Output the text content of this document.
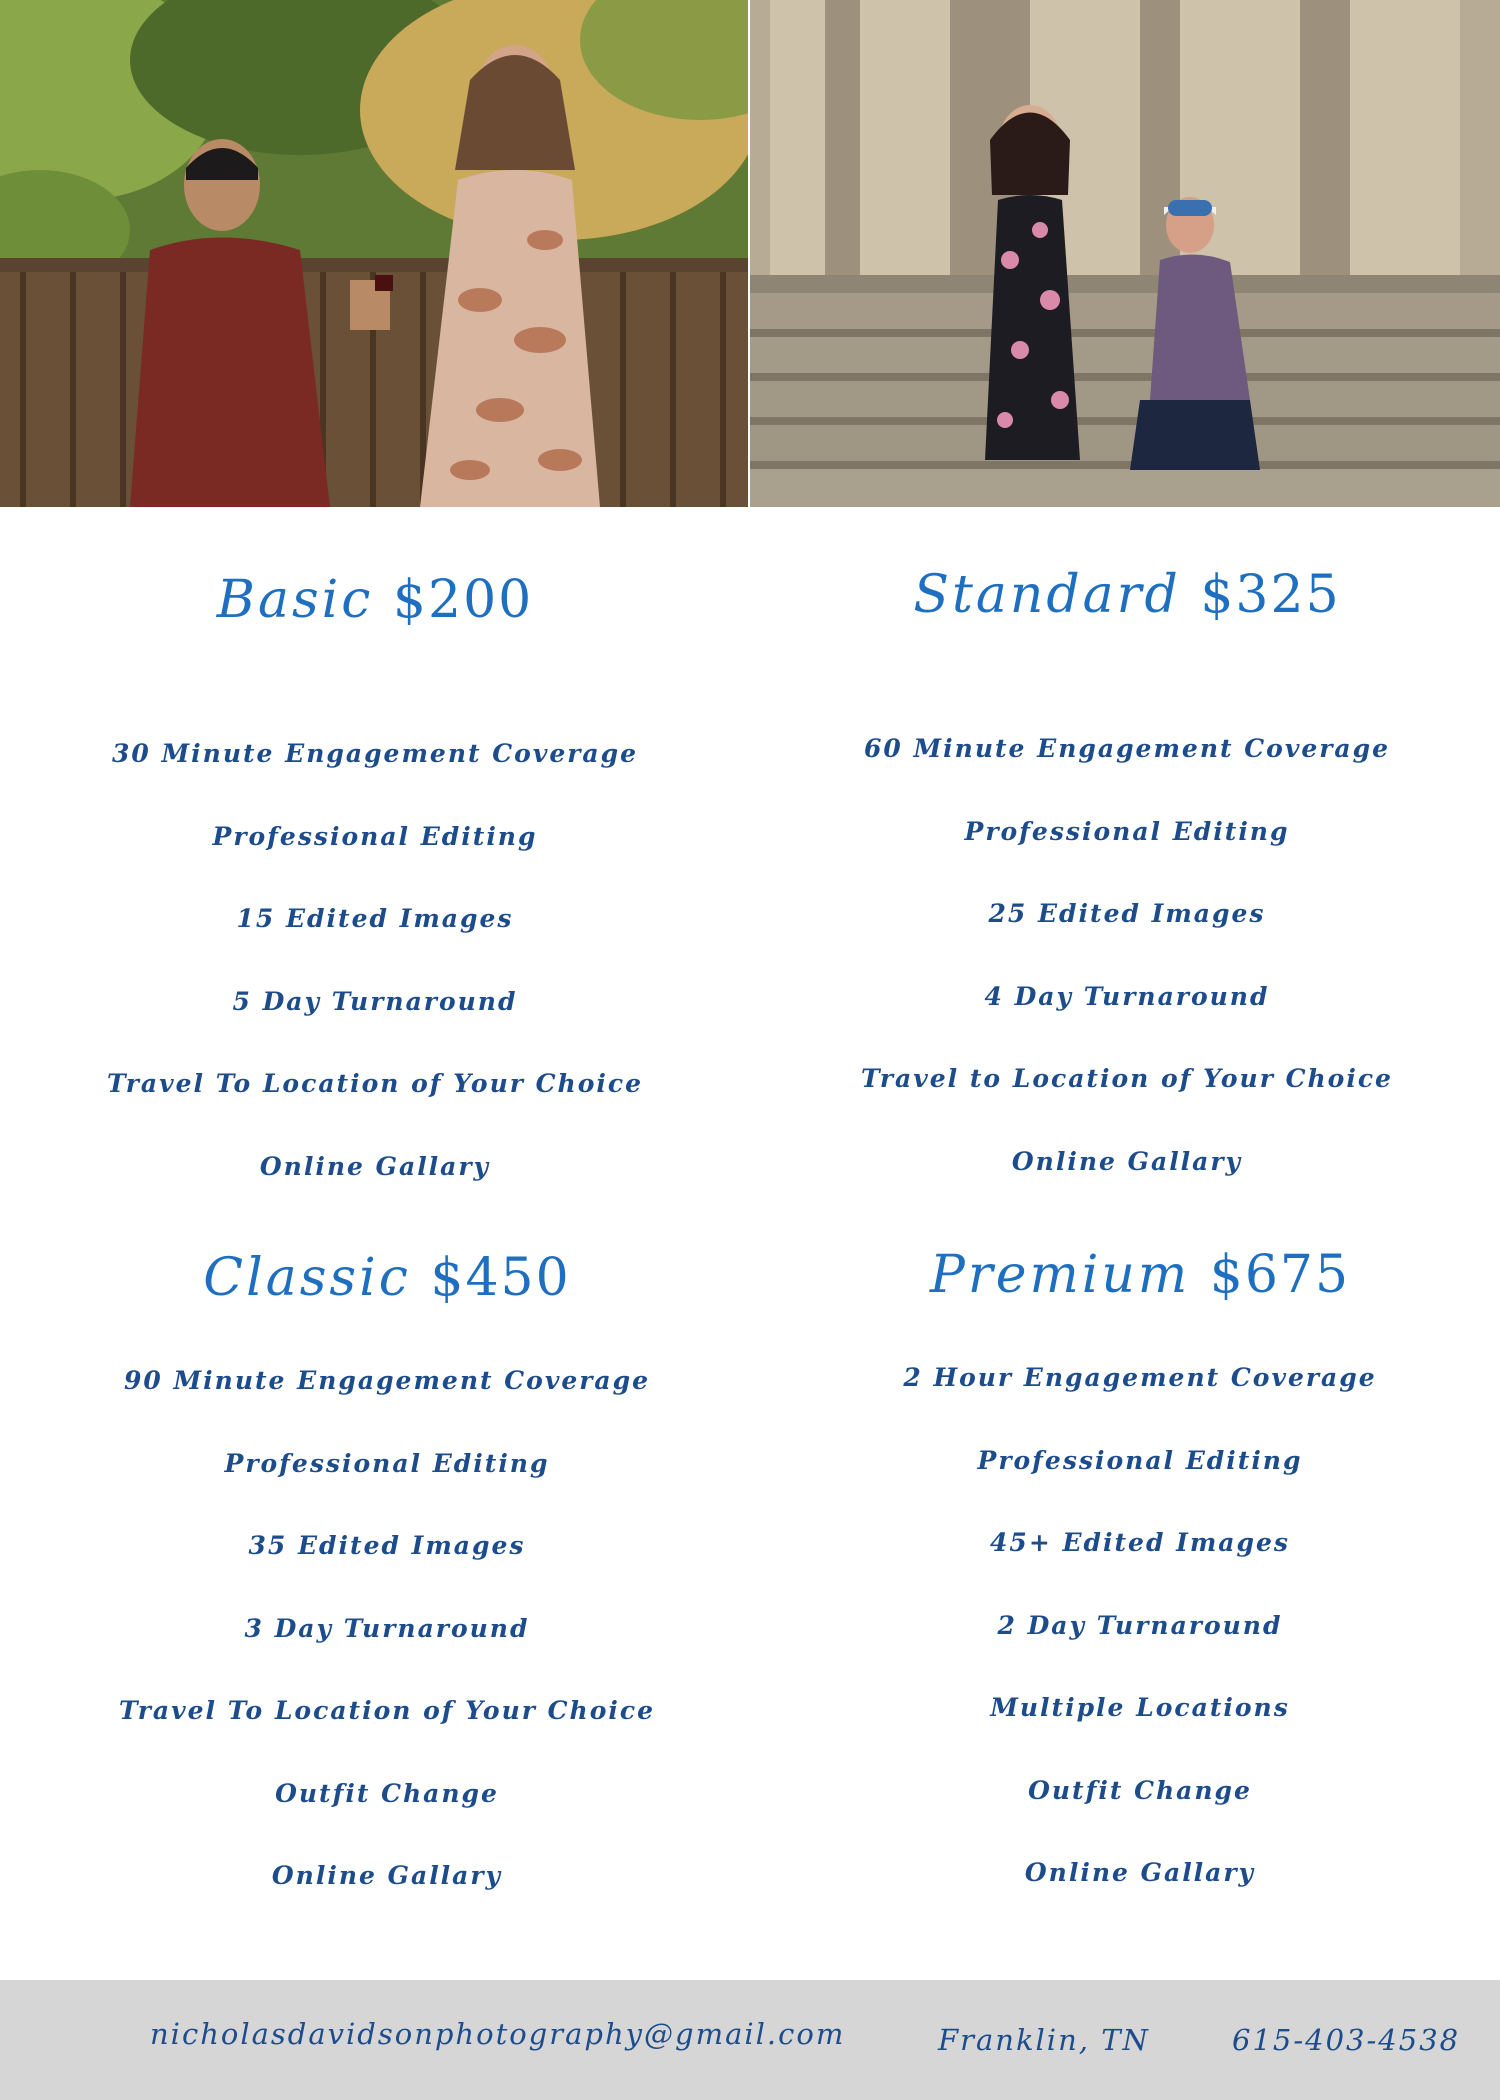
Basic $200
30 Minute Engagement Coverage
Professional Editing
15 Edited Images
5 Day Turnaround
Travel To Location of Your Choice
Online Gallary
Standard $325
60 Minute Engagement Coverage
Professional Editing
25 Edited Images
4 Day Turnaround
Travel to Location of Your Choice
Online Gallary
Classic $450
90 Minute Engagement Coverage
Professional Editing
35 Edited Images
3 Day Turnaround
Travel To Location of Your Choice
Outfit Change
Online Gallary
Premium $675
2 Hour Engagement Coverage
Professional Editing
45+ Edited Images
2 Day Turnaround
Multiple Locations
Outfit Change
Online Gallary
nicholasdavidsonphotography@gmail.com	Franklin, TN	615-403-4538
